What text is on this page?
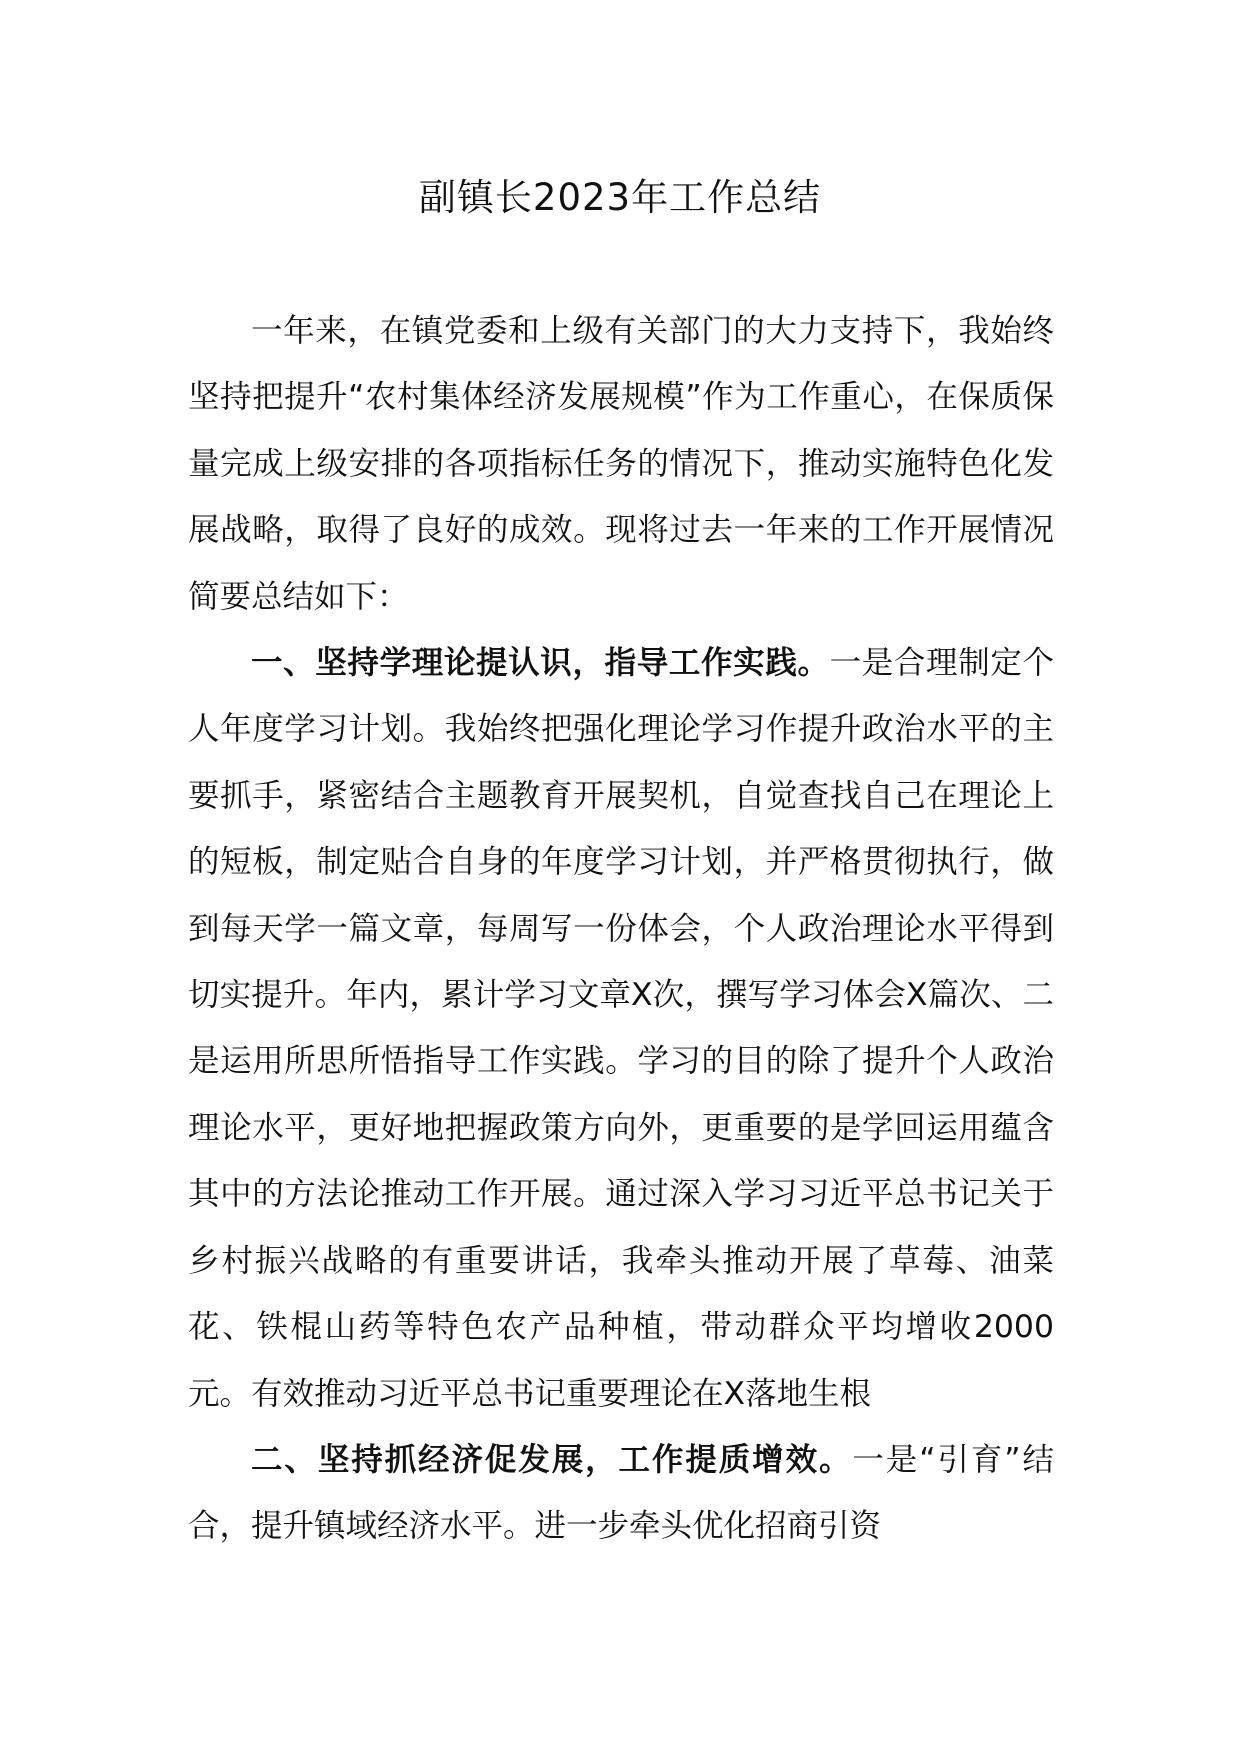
副镇长2023年工作总结

一年来，在镇党委和上级有关部门的大力支持下，我始终坚持把提升“农村集体经济发展规模”作为工作重心，在保质保量完成上级安排的各项指标任务的情况下，推动实施特色化发展战略，取得了良好的成效。现将过去一年来的工作开展情况简要总结如下：

一、坚持学理论提认识，指导工作实践。一是合理制定个人年度学习计划。我始终把强化理论学习作提升政治水平的主要抓手，紧密结合主题教育开展契机，自觉查找自己在理论上的短板，制定贴合自身的年度学习计划，并严格贯彻执行，做到每天学一篇文章，每周写一份体会，个人政治理论水平得到切实提升。年内，累计学习文章X次，撰写学习体会X篇次、二是运用所思所悟指导工作实践。学习的目的除了提升个人政治理论水平，更好地把握政策方向外，更重要的是学回运用蕴含其中的方法论推动工作开展。通过深入学习习近平总书记关于乡村振兴战略的有重要讲话，我牵头推动开展了草莓、油菜花、铁棍山药等特色农产品种植，带动群众平均增收2000元。有效推动习近平总书记重要理论在X落地生根

二、坚持抓经济促发展，工作提质增效。一是“引育”结合，提升镇域经济水平。进一步牵头优化招商引资
